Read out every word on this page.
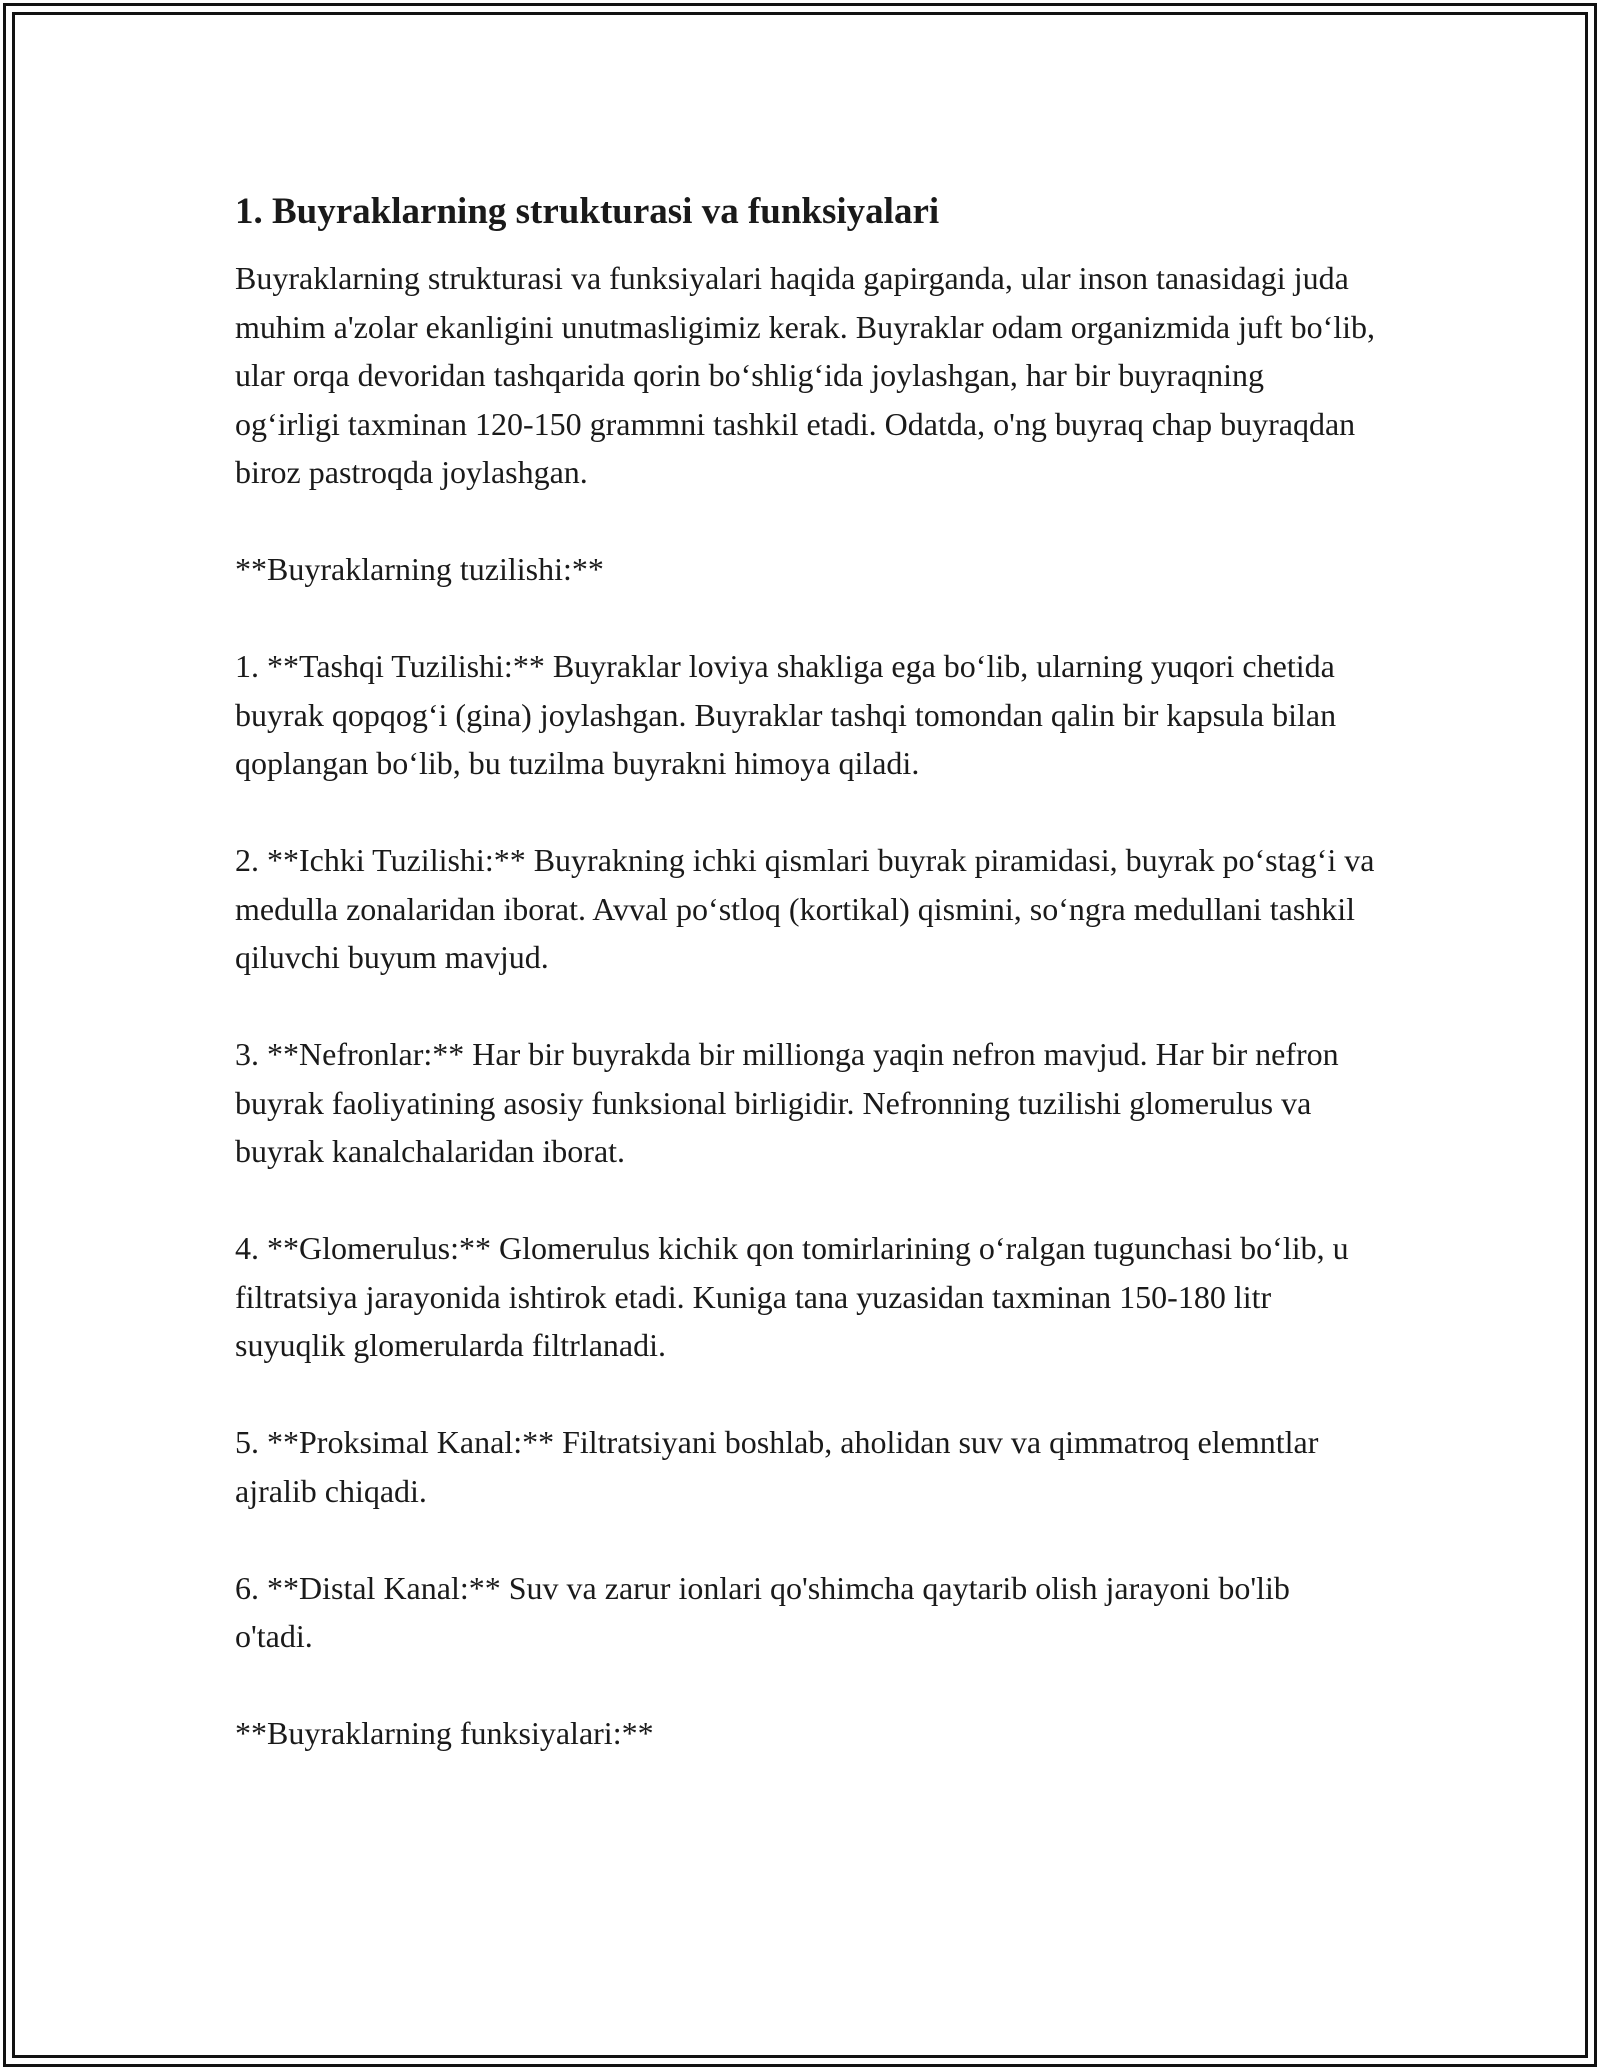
1. Buyraklarning strukturasi va funksiyalari

Buyraklarning strukturasi va funksiyalari haqida gapirganda, ular inson tanasidagi juda muhim a'zolar ekanligini unutmasligimiz kerak. Buyraklar odam organizmida juft bo‘lib, ular orqa devoridan tashqarida qorin bo‘shlig‘ida joylashgan, har bir buyraqning og‘irligi taxminan 120-150 grammni tashkil etadi. Odatda, o'ng buyraq chap buyraqdan biroz pastroqda joylashgan.

**Buyraklarning tuzilishi:**

1. **Tashqi Tuzilishi:** Buyraklar loviya shakliga ega bo‘lib, ularning yuqori chetida buyrak qopqog‘i (gina) joylashgan. Buyraklar tashqi tomondan qalin bir kapsula bilan qoplangan bo‘lib, bu tuzilma buyrakni himoya qiladi.

2. **Ichki Tuzilishi:** Buyrakning ichki qismlari buyrak piramidasi, buyrak po‘stag‘i va medulla zonalaridan iborat. Avval po‘stloq (kortikal) qismini, so‘ngra medullani tashkil qiluvchi buyum mavjud.

3. **Nefronlar:** Har bir buyrakda bir millionga yaqin nefron mavjud. Har bir nefron buyrak faoliyatining asosiy funksional birligidir. Nefronning tuzilishi glomerulus va buyrak kanalchalaridan iborat.

4. **Glomerulus:** Glomerulus kichik qon tomirlarining o‘ralgan tugunchasi bo‘lib, u filtratsiya jarayonida ishtirok etadi. Kuniga tana yuzasidan taxminan 150-180 litr suyuqlik glomerularda filtrlanadi.

5. **Proksimal Kanal:** Filtratsiyani boshlab, aholidan suv va qimmatroq elemntlar ajralib chiqadi.

6. **Distal Kanal:** Suv va zarur ionlari qo'shimcha qaytarib olish jarayoni bo'lib o'tadi.

**Buyraklarning funksiyalari:**
